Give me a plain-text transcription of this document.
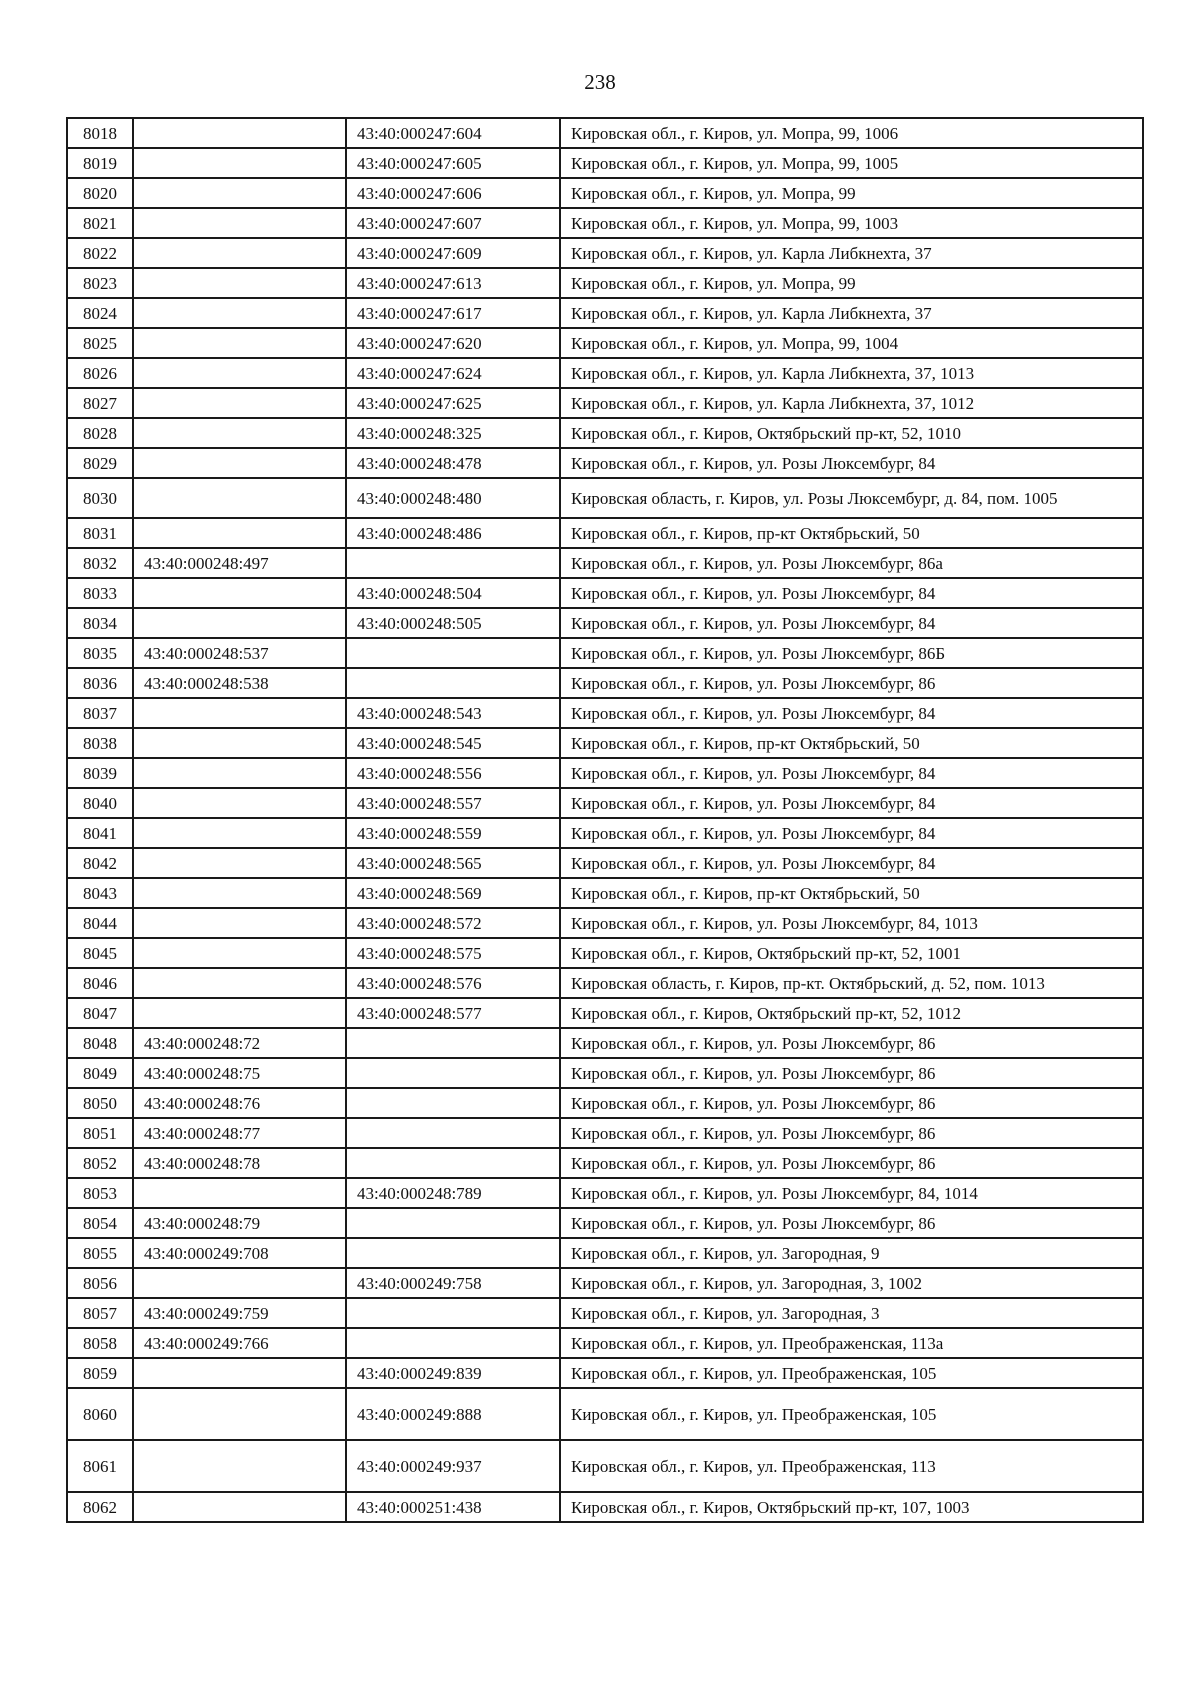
238
8018		43:40:000247:604	Кировская обл., г. Киров, ул. Мопра, 99, 1006
8019		43:40:000247:605	Кировская обл., г. Киров, ул. Мопра, 99, 1005
8020		43:40:000247:606	Кировская обл., г. Киров, ул. Мопра, 99
8021		43:40:000247:607	Кировская обл., г. Киров, ул. Мопра, 99, 1003
8022		43:40:000247:609	Кировская обл., г. Киров, ул. Карла Либкнехта, 37
8023		43:40:000247:613	Кировская обл., г. Киров, ул. Мопра, 99
8024		43:40:000247:617	Кировская обл., г. Киров, ул. Карла Либкнехта, 37
8025		43:40:000247:620	Кировская обл., г. Киров, ул. Мопра, 99, 1004
8026		43:40:000247:624	Кировская обл., г. Киров, ул. Карла Либкнехта, 37, 1013
8027		43:40:000247:625	Кировская обл., г. Киров, ул. Карла Либкнехта, 37, 1012
8028		43:40:000248:325	Кировская обл., г. Киров, Октябрьский пр-кт, 52, 1010
8029		43:40:000248:478	Кировская обл., г. Киров, ул. Розы Люксембург, 84
8030		43:40:000248:480	Кировская область, г. Киров, ул. Розы Люксембург, д. 84, пом. 1005
8031		43:40:000248:486	Кировская обл., г. Киров, пр-кт Октябрьский, 50
8032	43:40:000248:497		Кировская обл., г. Киров, ул. Розы Люксембург, 86а
8033		43:40:000248:504	Кировская обл., г. Киров, ул. Розы Люксембург, 84
8034		43:40:000248:505	Кировская обл., г. Киров, ул. Розы Люксембург, 84
8035	43:40:000248:537		Кировская обл., г. Киров, ул. Розы Люксембург, 86Б
8036	43:40:000248:538		Кировская обл., г. Киров, ул. Розы Люксембург, 86
8037		43:40:000248:543	Кировская обл., г. Киров, ул. Розы Люксембург, 84
8038		43:40:000248:545	Кировская обл., г. Киров, пр-кт Октябрьский, 50
8039		43:40:000248:556	Кировская обл., г. Киров, ул. Розы Люксембург, 84
8040		43:40:000248:557	Кировская обл., г. Киров, ул. Розы Люксембург, 84
8041		43:40:000248:559	Кировская обл., г. Киров, ул. Розы Люксембург, 84
8042		43:40:000248:565	Кировская обл., г. Киров, ул. Розы Люксембург, 84
8043		43:40:000248:569	Кировская обл., г. Киров, пр-кт Октябрьский, 50
8044		43:40:000248:572	Кировская обл., г. Киров, ул. Розы Люксембург, 84, 1013
8045		43:40:000248:575	Кировская обл., г. Киров, Октябрьский пр-кт, 52, 1001
8046		43:40:000248:576	Кировская область, г. Киров, пр-кт. Октябрьский, д. 52, пом. 1013
8047		43:40:000248:577	Кировская обл., г. Киров, Октябрьский пр-кт, 52, 1012
8048	43:40:000248:72		Кировская обл., г. Киров, ул. Розы Люксембург, 86
8049	43:40:000248:75		Кировская обл., г. Киров, ул. Розы Люксембург, 86
8050	43:40:000248:76		Кировская обл., г. Киров, ул. Розы Люксембург, 86
8051	43:40:000248:77		Кировская обл., г. Киров, ул. Розы Люксембург, 86
8052	43:40:000248:78		Кировская обл., г. Киров, ул. Розы Люксембург, 86
8053		43:40:000248:789	Кировская обл., г. Киров, ул. Розы Люксембург, 84, 1014
8054	43:40:000248:79		Кировская обл., г. Киров, ул. Розы Люксембург, 86
8055	43:40:000249:708		Кировская обл., г. Киров, ул. Загородная, 9
8056		43:40:000249:758	Кировская обл., г. Киров, ул. Загородная, 3, 1002
8057	43:40:000249:759		Кировская обл., г. Киров, ул. Загородная, 3
8058	43:40:000249:766		Кировская обл., г. Киров, ул. Преображенская, 113а
8059		43:40:000249:839	Кировская обл., г. Киров, ул. Преображенская, 105
8060		43:40:000249:888	Кировская обл., г. Киров, ул. Преображенская, 105
8061		43:40:000249:937	Кировская обл., г. Киров, ул. Преображенская, 113
8062		43:40:000251:438	Кировская обл., г. Киров, Октябрьский пр-кт, 107, 1003
